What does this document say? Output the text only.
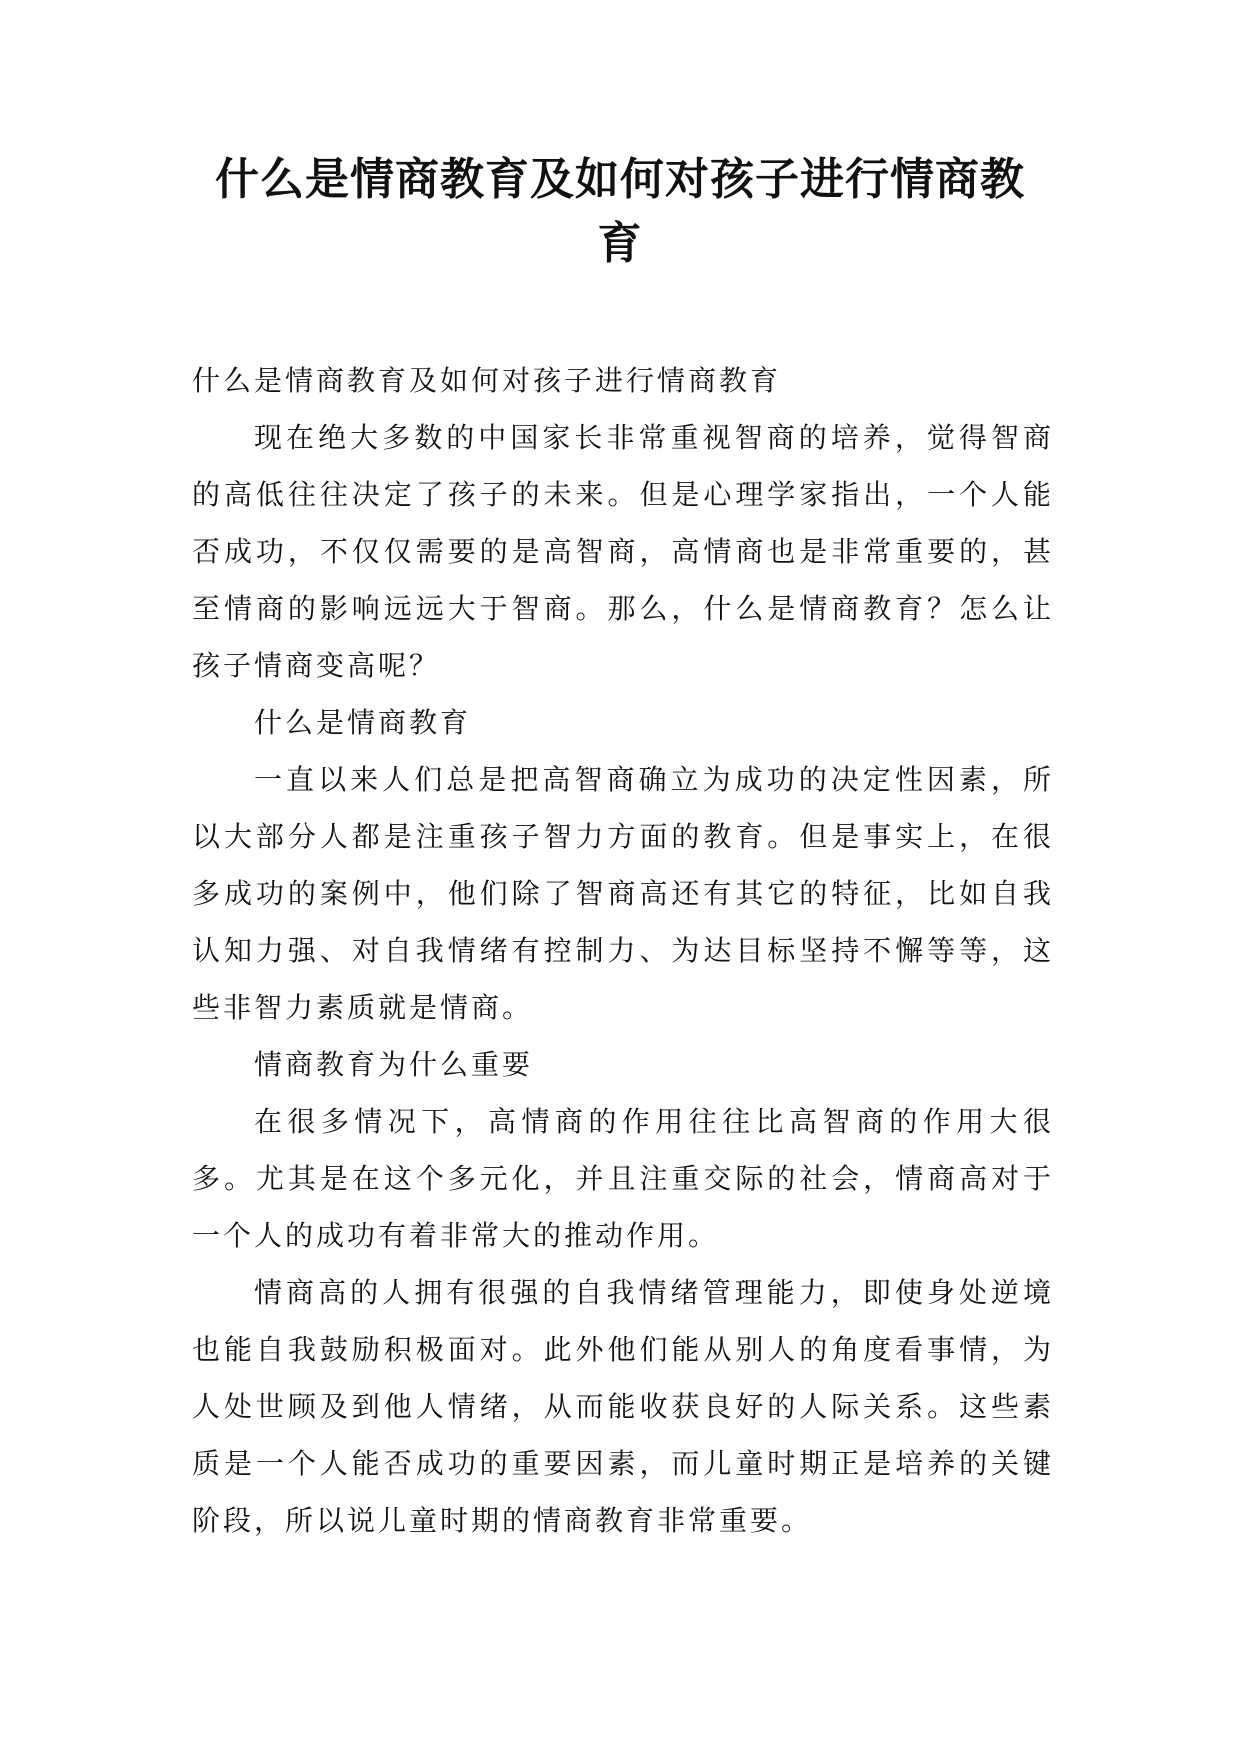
什么是情商教育及如何对孩子进行情商教
育

什么是情商教育及如何对孩子进行情商教育

现在绝大多数的中国家长非常重视智商的培养，觉得智商的高低往往决定了孩子的未来。但是心理学家指出，一个人能否成功，不仅仅需要的是高智商，高情商也是非常重要的，甚至情商的影响远远大于智商。那么，什么是情商教育？怎么让孩子情商变高呢？

什么是情商教育

一直以来人们总是把高智商确立为成功的决定性因素，所以大部分人都是注重孩子智力方面的教育。但是事实上，在很多成功的案例中，他们除了智商高还有其它的特征，比如自我认知力强、对自我情绪有控制力、为达目标坚持不懈等等，这些非智力素质就是情商。

情商教育为什么重要

在很多情况下，高情商的作用往往比高智商的作用大很多。尤其是在这个多元化，并且注重交际的社会，情商高对于一个人的成功有着非常大的推动作用。

情商高的人拥有很强的自我情绪管理能力，即使身处逆境也能自我鼓励积极面对。此外他们能从别人的角度看事情，为人处世顾及到他人情绪，从而能收获良好的人际关系。这些素质是一个人能否成功的重要因素，而儿童时期正是培养的关键阶段，所以说儿童时期的情商教育非常重要。
